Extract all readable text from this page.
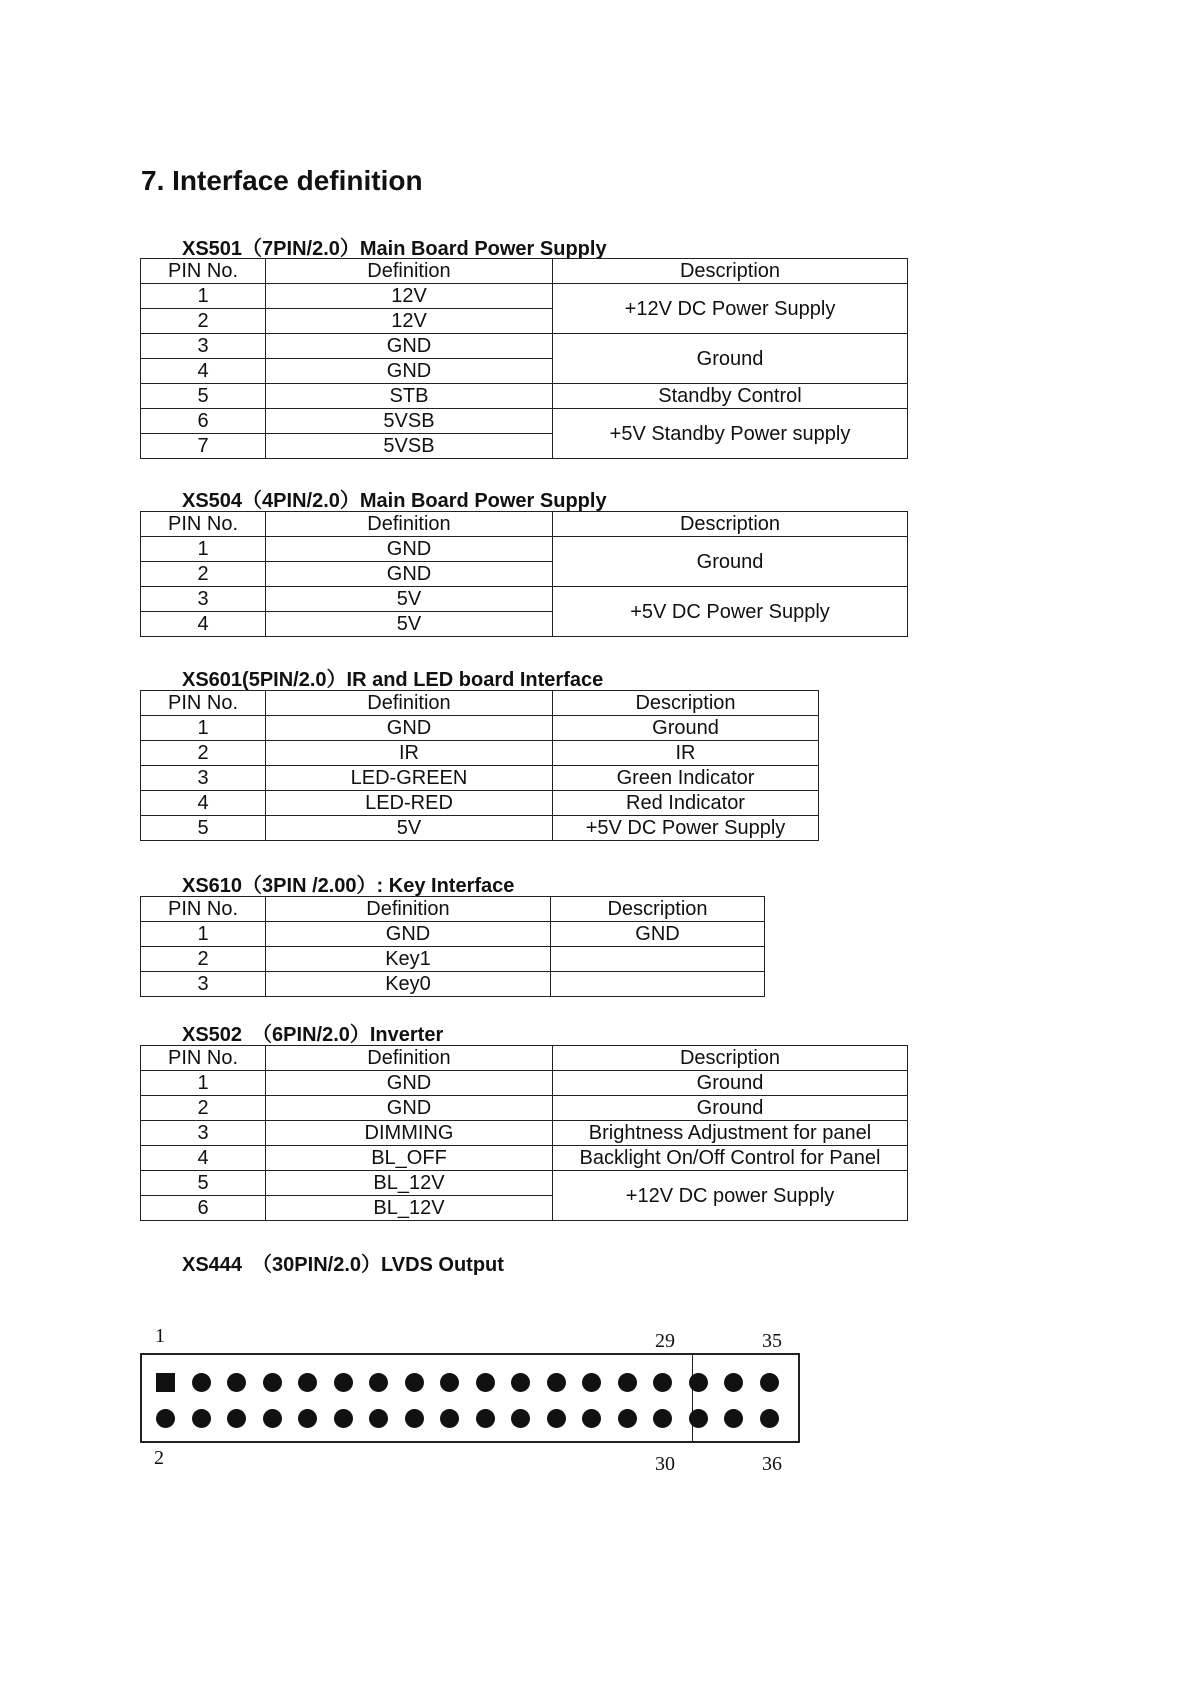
7. Interface definition
XS501（7PIN/2.0）Main Board Power Supply
PIN No.	Definition	Description
1	12V	+12V DC Power Supply
2	12V	
3	GND	Ground
4	GND	
5	STB	Standby Control
6	5VSB	+5V Standby Power supply
7	5VSB	
XS504（4PIN/2.0）Main Board Power Supply
PIN No.	Definition	Description
1	GND	Ground
2	GND	
3	5V	+5V DC Power Supply
4	5V	
XS601(5PIN/2.0）IR and LED board Interface
PIN No.	Definition	Description
1	GND	Ground
2	IR	IR
3	LED-GREEN	Green Indicator
4	LED-RED	Red Indicator
5	5V	+5V DC Power Supply
XS610（3PIN /2.00）: Key Interface
PIN No.	Definition	Description
1	GND	GND
2	Key1	
3	Key0	
XS502　（6PIN/2.0）Inverter
PIN No.	Definition	Description
1	GND	Ground
2	GND	Ground
3	DIMMING	Brightness Adjustment for panel
4	BL_OFF	Backlight On/Off Control for Panel
5	BL_12V	+12V DC power Supply
6	BL_12V	
XS444　（30PIN/2.0）LVDS Output
1	29	35
2	30	36
